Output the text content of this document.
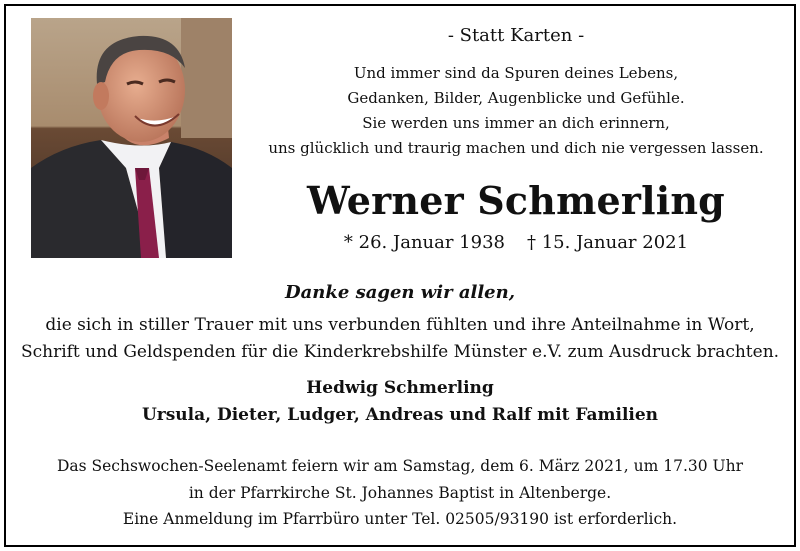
- Statt Karten -
Und immer sind da Spuren deines Lebens,
Gedanken, Bilder, Augenblicke und Gefühle.
Sie werden uns immer an dich erinnern,
uns glücklich und traurig machen und dich nie vergessen lassen.
Werner Schmerling
* 26. Januar 1938 † 15. Januar 2021
Danke sagen wir allen,
die sich in stiller Trauer mit uns verbunden fühlten und ihre Anteilnahme in Wort,
Schrift und Geldspenden für die Kinderkrebshilfe Münster e.V. zum Ausdruck brachten.
Hedwig Schmerling
Ursula, Dieter, Ludger, Andreas und Ralf mit Familien
Das Sechswochen-Seelenamt feiern wir am Samstag, dem 6. März 2021, um 17.30 Uhr
in der Pfarrkirche St. Johannes Baptist in Altenberge.
Eine Anmeldung im Pfarrbüro unter Tel. 02505/93190 ist erforderlich.
